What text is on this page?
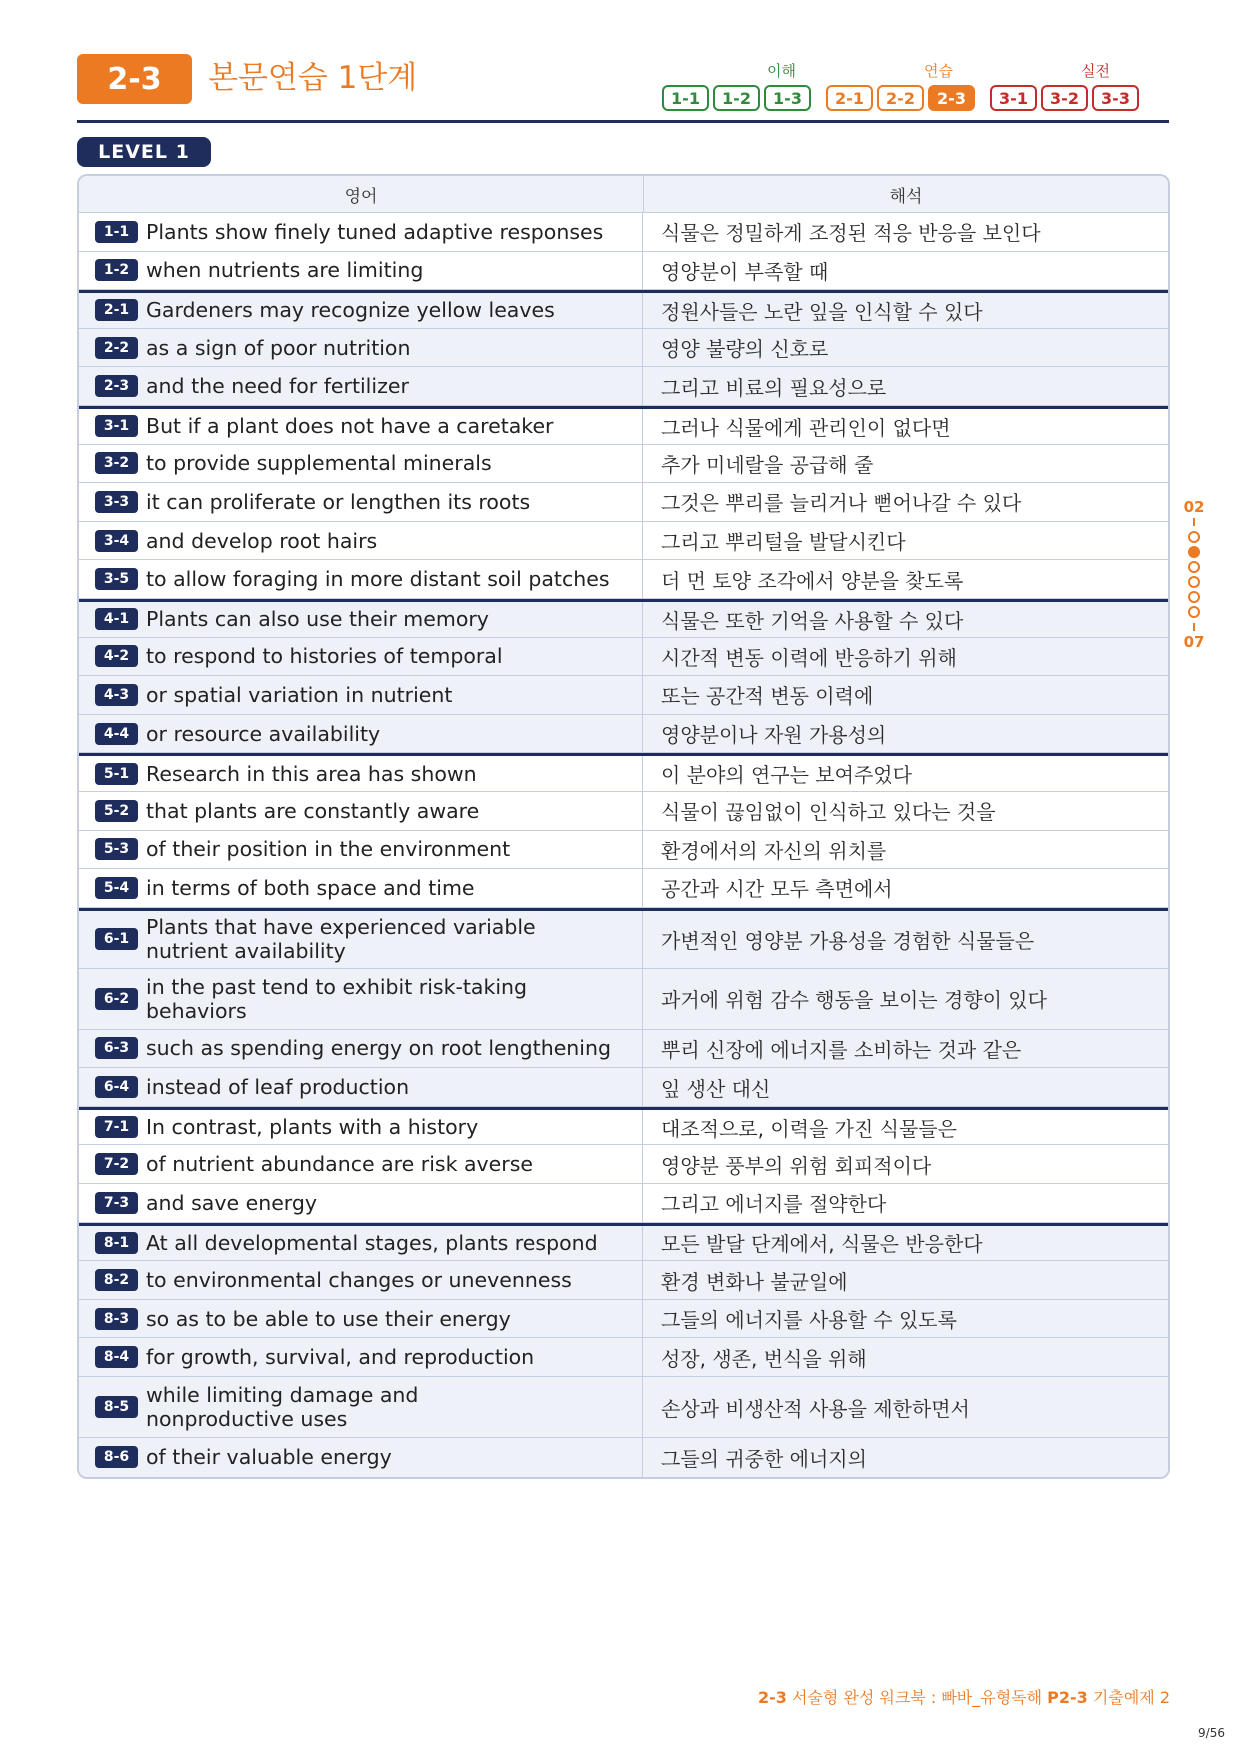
2-3	본문연습 1단계	이해	연습	실전
1-1	1-2	1-3	2-1	2-2	2-3	3-1	3-2	3-3
LEVEL 1
영어	해석
1-1 Plants show finely tuned adaptive responses	식물은 정밀하게 조정된 적응 반응을 보인다
1-2 when nutrients are limiting	영양분이 부족할 때
2-1 Gardeners may recognize yellow leaves	정원사들은 노란 잎을 인식할 수 있다
2-2 as a sign of poor nutrition	영양 불량의 신호로
2-3 and the need for fertilizer	그리고 비료의 필요성으로
3-1 But if a plant does not have a caretaker	그러나 식물에게 관리인이 없다면
3-2 to provide supplemental minerals	추가 미네랄을 공급해 줄
3-3 it can proliferate or lengthen its roots	그것은 뿌리를 늘리거나 뻗어나갈 수 있다
3-4 and develop root hairs	그리고 뿌리털을 발달시킨다
3-5 to allow foraging in more distant soil patches	더 먼 토양 조각에서 양분을 찾도록
4-1 Plants can also use their memory	식물은 또한 기억을 사용할 수 있다
4-2 to respond to histories of temporal	시간적 변동 이력에 반응하기 위해
4-3 or spatial variation in nutrient	또는 공간적 변동 이력에
4-4 or resource availability	영양분이나 자원 가용성의
5-1 Research in this area has shown	이 분야의 연구는 보여주었다
5-2 that plants are constantly aware	식물이 끊임없이 인식하고 있다는 것을
5-3 of their position in the environment	환경에서의 자신의 위치를
5-4 in terms of both space and time	공간과 시간 모두 측면에서
6-1 Plants that have experienced variable nutrient availability	가변적인 영양분 가용성을 경험한 식물들은
6-2 in the past tend to exhibit risk-taking behaviors	과거에 위험 감수 행동을 보이는 경향이 있다
6-3 such as spending energy on root lengthening	뿌리 신장에 에너지를 소비하는 것과 같은
6-4 instead of leaf production	잎 생산 대신
7-1 In contrast, plants with a history	대조적으로, 이력을 가진 식물들은
7-2 of nutrient abundance are risk averse	영양분 풍부의 위험 회피적이다
7-3 and save energy	그리고 에너지를 절약한다
8-1 At all developmental stages, plants respond	모든 발달 단계에서, 식물은 반응한다
8-2 to environmental changes or unevenness	환경 변화나 불균일에
8-3 so as to be able to use their energy	그들의 에너지를 사용할 수 있도록
8-4 for growth, survival, and reproduction	성장, 생존, 번식을 위해
8-5 while limiting damage and nonproductive uses	손상과 비생산적 사용을 제한하면서
8-6 of their valuable energy	그들의 귀중한 에너지의
02
07
2-3 서술형 완성 워크북 : 빠바_유형독해 P2-3 기출예제 2
9/56
